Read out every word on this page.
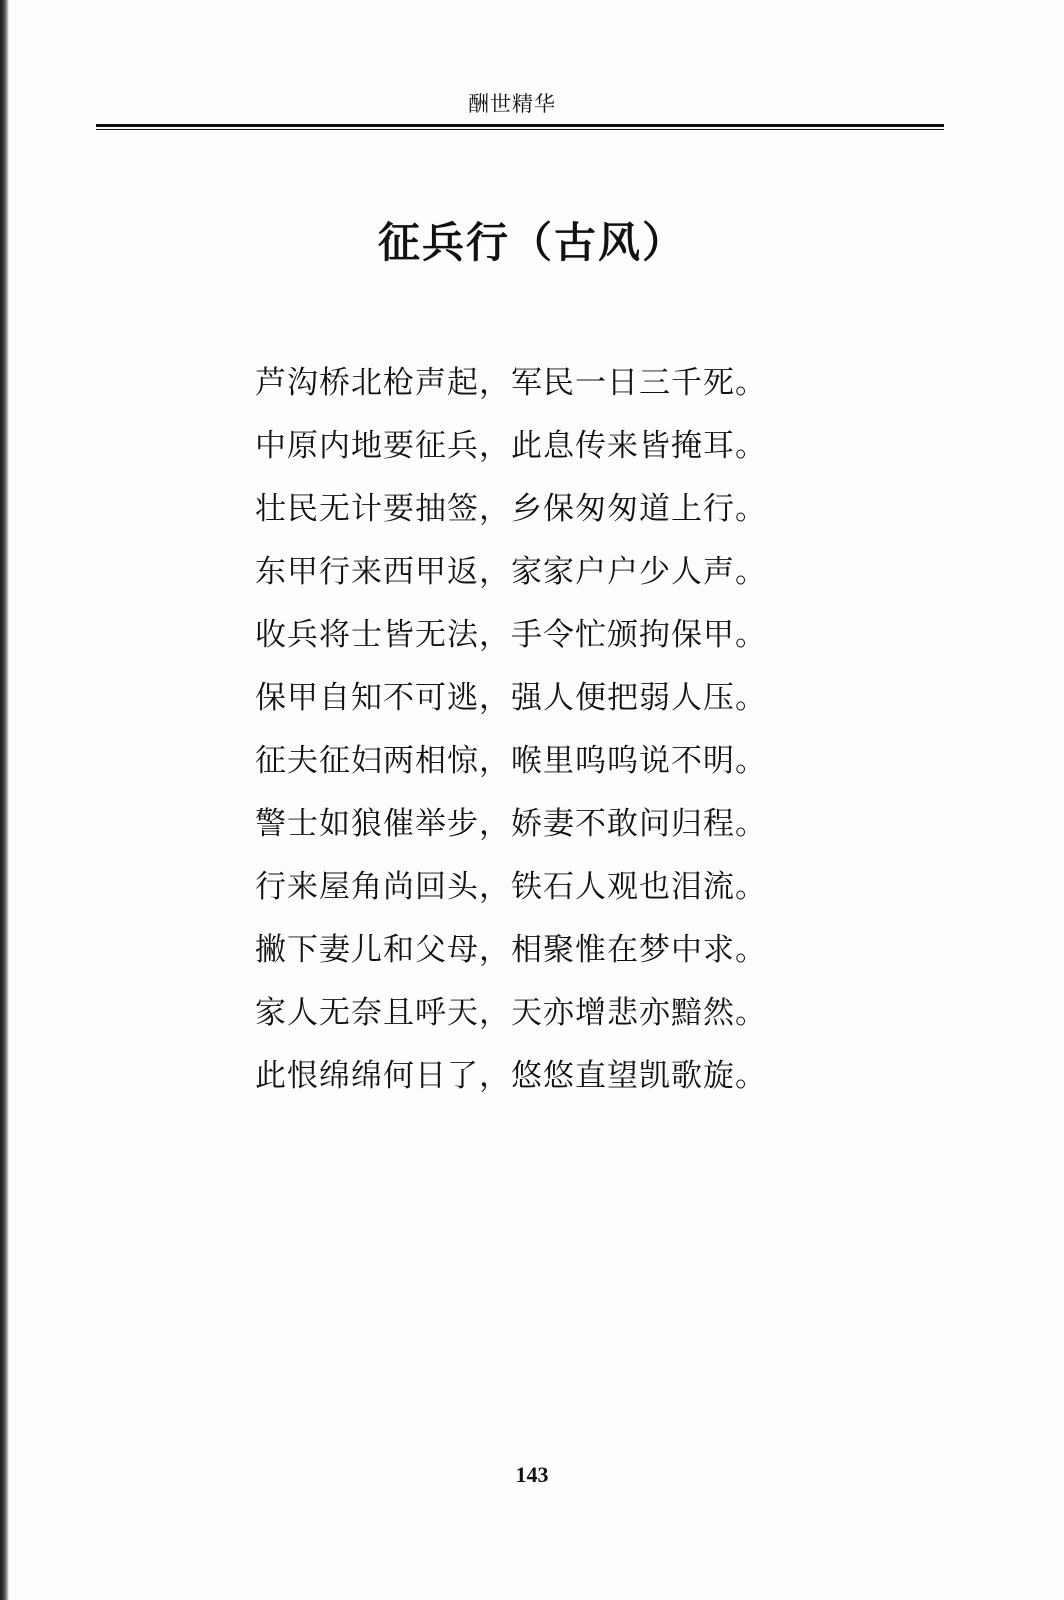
酬世精华
征兵行（古风）
芦沟桥北枪声起，军民一日三千死。
中原内地要征兵，此息传来皆掩耳。
壮民无计要抽签，乡保匆匆道上行。
东甲行来西甲返，家家户户少人声。
收兵将士皆无法，手令忙颁拘保甲。
保甲自知不可逃，强人便把弱人压。
征夫征妇两相惊，喉里呜呜说不明。
警士如狼催举步，娇妻不敢问归程。
行来屋角尚回头，铁石人观也泪流。
撇下妻儿和父母，相聚惟在梦中求。
家人无奈且呼天，天亦增悲亦黯然。
此恨绵绵何日了，悠悠直望凯歌旋。
143
